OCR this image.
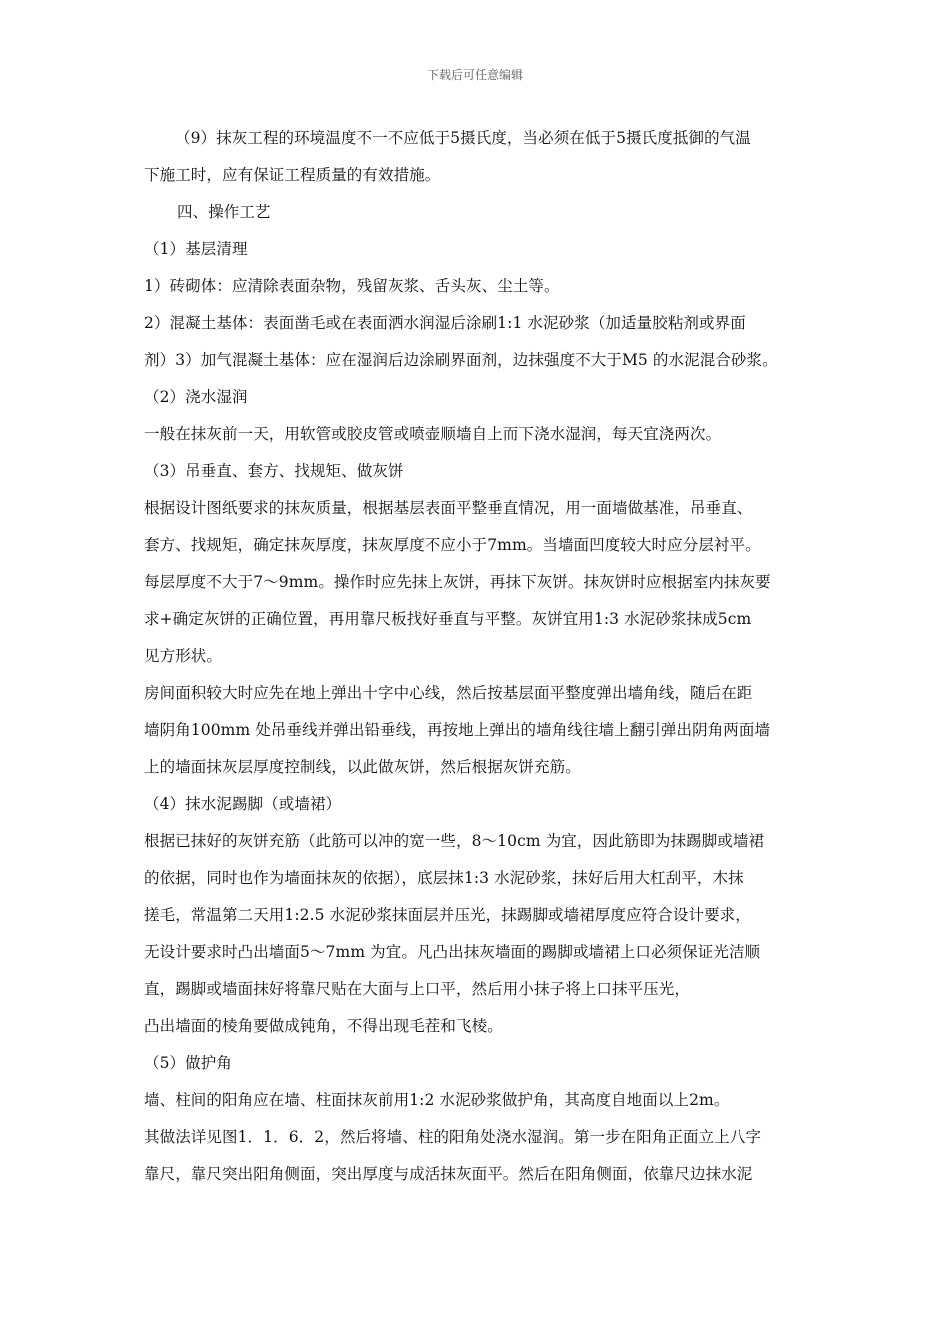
下载后可任意编辑
（9）抹灰工程的环境温度不一不应低于5摄氏度，当必须在低于5摄氏度抵御的气温
下施工时，应有保证工程质量的有效措施。
四、操作工艺
（1）基层清理
1）砖砌体：应清除表面杂物，残留灰浆、舌头灰、尘土等。
2）混凝土基体：表面凿毛或在表面洒水润湿后涂刷1:1 水泥砂浆（加适量胶粘剂或界面
剂）3）加气混凝土基体：应在湿润后边涂刷界面剂，边抹强度不大于M5 的水泥混合砂浆。
（2）浇水湿润
一般在抹灰前一天，用软管或胶皮管或喷壶顺墙自上而下浇水湿润，每天宜浇两次。
（3）吊垂直、套方、找规矩、做灰饼
根据设计图纸要求的抹灰质量，根据基层表面平整垂直情况，用一面墙做基准，吊垂直、
套方、找规矩，确定抹灰厚度，抹灰厚度不应小于7mm。当墙面凹度较大时应分层衬平。
每层厚度不大于7～9mm。操作时应先抹上灰饼，再抹下灰饼。抹灰饼时应根据室内抹灰要
求+确定灰饼的正确位置，再用靠尺板找好垂直与平整。灰饼宜用1:3 水泥砂浆抹成5cm
见方形状。
房间面积较大时应先在地上弹出十字中心线，然后按基层面平整度弹出墙角线，随后在距
墙阴角100mm 处吊垂线并弹出铅垂线，再按地上弹出的墙角线往墙上翻引弹出阴角两面墙
上的墙面抹灰层厚度控制线，以此做灰饼，然后根据灰饼充筋。
（4）抹水泥踢脚（或墙裙）
根据已抹好的灰饼充筋（此筋可以冲的宽一些，8～10cm 为宜，因此筋即为抹踢脚或墙裙
的依据，同时也作为墙面抹灰的依据），底层抹1:3 水泥砂浆，抹好后用大杠刮平，木抹
搓毛，常温第二天用1:2.5 水泥砂浆抹面层并压光，抹踢脚或墙裙厚度应符合设计要求，
无设计要求时凸出墙面5～7mm 为宜。凡凸出抹灰墙面的踢脚或墙裙上口必须保证光洁顺
直，踢脚或墙面抹好将靠尺贴在大面与上口平，然后用小抹子将上口抹平压光，
凸出墙面的棱角要做成钝角，不得出现毛茬和飞棱。
（5）做护角
墙、柱间的阳角应在墙、柱面抹灰前用1:2 水泥砂浆做护角，其高度自地面以上2m。
其做法详见图1．1．6．2，然后将墙、柱的阳角处浇水湿润。第一步在阳角正面立上八字
靠尺，靠尺突出阳角侧面，突出厚度与成活抹灰面平。然后在阳角侧面，依靠尺边抹水泥
